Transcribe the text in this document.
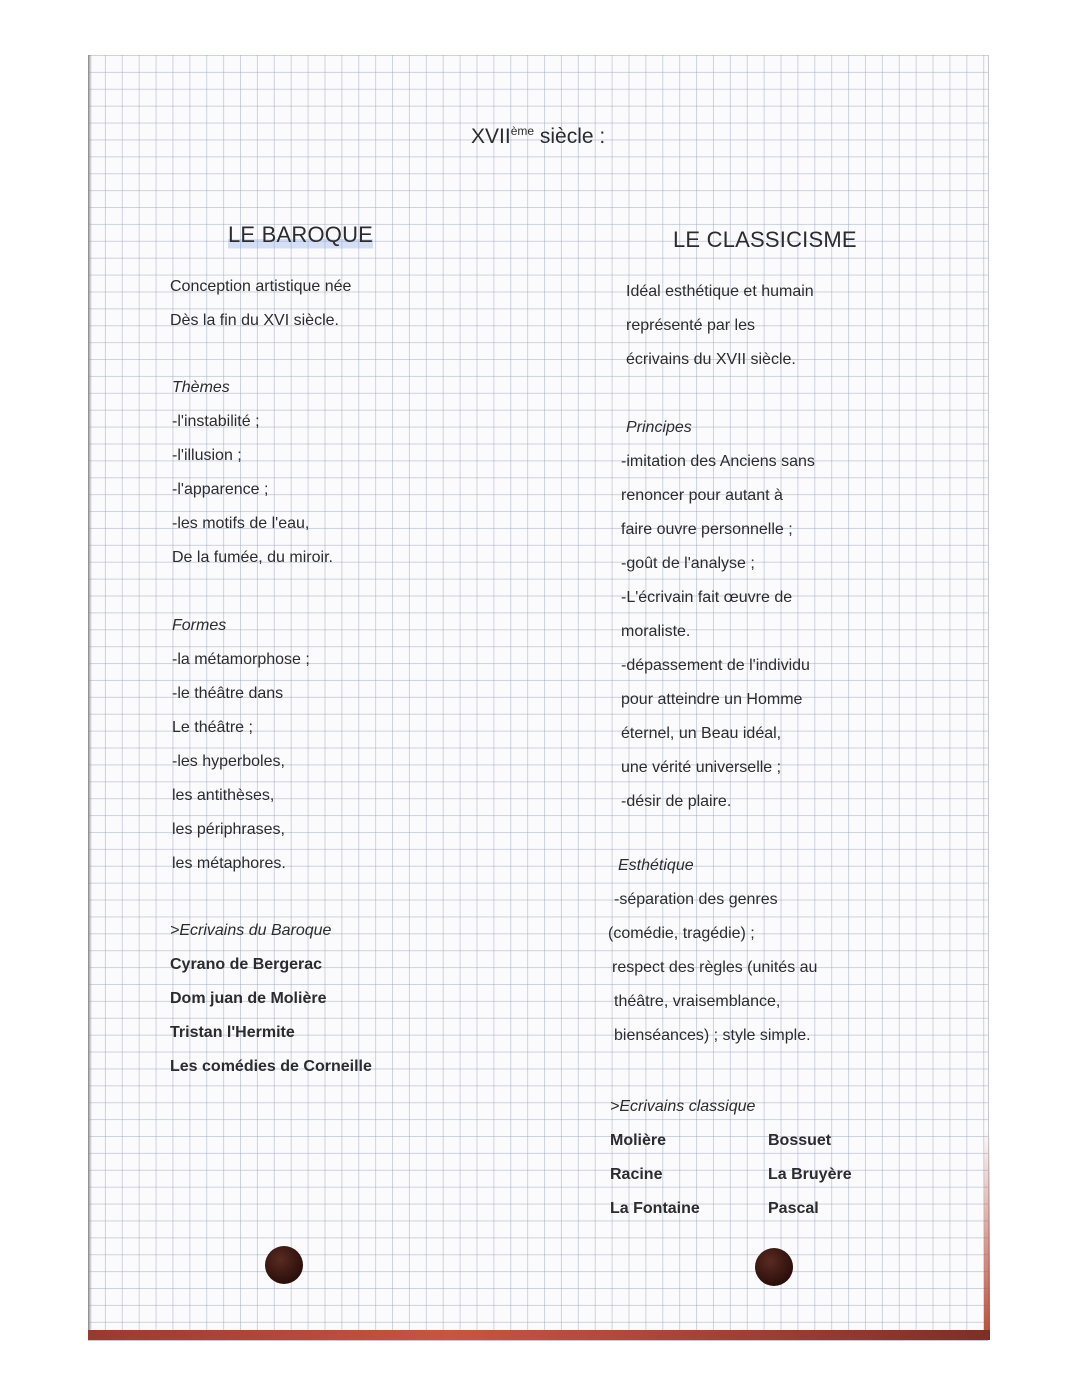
XVIIème siècle :
LE BAROQUE
Conception artistique née
Dès la fin du XVI siècle.
Thèmes
-l'instabilité ;
-l'illusion ;
-l'apparence ;
-les motifs de l'eau,
De la fumée, du miroir.
Formes
-la métamorphose ;
-le théâtre dans
Le théâtre ;
-les hyperboles,
les antithèses,
les périphrases,
les métaphores.
>Ecrivains du Baroque
Cyrano de Bergerac
Dom juan de Molière
Tristan l'Hermite
Les comédies de Corneille
LE CLASSICISME
Idéal esthétique et humain
représenté par les
écrivains du XVII siècle.
Principes
-imitation des Anciens sans
renoncer pour autant à
faire ouvre personnelle ;
-goût de l'analyse ;
-L'écrivain fait œuvre de
moraliste.
-dépassement de l'individu
pour atteindre un Homme
éternel, un Beau idéal,
une vérité universelle ;
-désir de plaire.
Esthétique
-séparation des genres
(comédie, tragédie) ;
respect des règles (unités au
théâtre, vraisemblance,
bienséances) ; style simple.
>Ecrivains classique
Molière
Racine
La Fontaine
Bossuet
La Bruyère
Pascal
